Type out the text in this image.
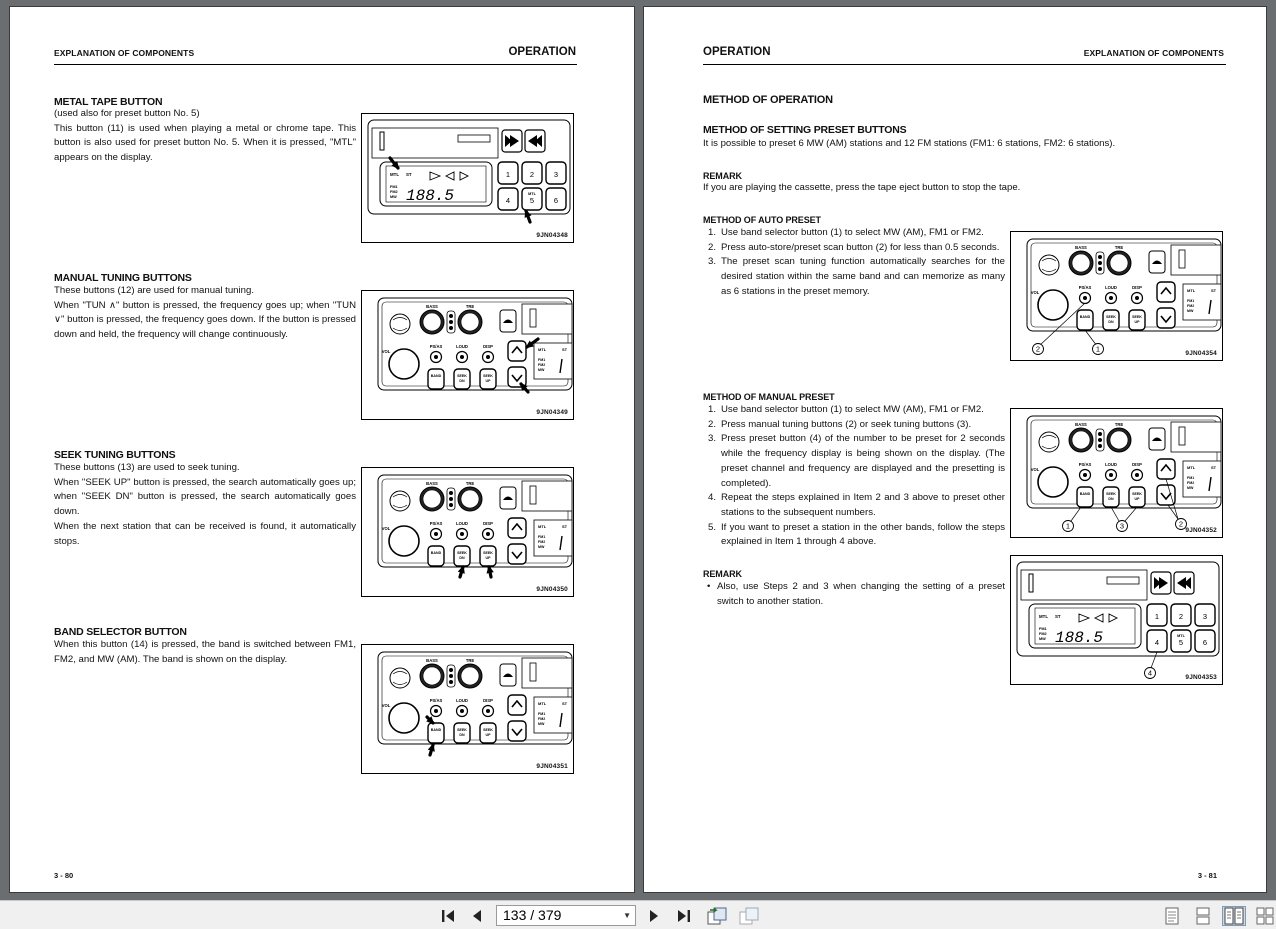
EXPLANATION OF COMPONENTS	OPERATION
METAL TAPE BUTTON

(used also for preset button No. 5)

This button (11) is used when playing a metal or chrome tape. This button is also used for preset button No. 5. When it is pressed, "MTL" appears on the display.

9JN04348
MTL ST
FM1
FM2
MW 188.5
1	2	3
4
MTL
5	6
MANUAL TUNING BUTTONS

These buttons (12) are used for manual tuning.

When "TUN ∧" button is pressed, the frequency goes up; when "TUN ∨" button is pressed, the frequency goes down. If the button is pressed down and held, the frequency will change continuously.

9JN04349
BASS	TRE
VOL
PS/AS	LOUD	DISP
BAND	SEEK
DN
SEEK
UP
MTL	ST
FM1
FM2
MW
SEEK TUNING BUTTONS

These buttons (13) are used to seek tuning.

When "SEEK UP" button is pressed, the search automatically goes up; when "SEEK DN" button is pressed, the search automatically goes down.

When the next station that can be received is found, it automatically stops.

9JN04350
BASS	TRE
VOL
PS/AS	LOUD	DISP
BAND	SEEK
DN
SEEK
UP
MTL	ST
FM1
FM2
MW
BAND SELECTOR BUTTON

When this button (14) is pressed, the band is switched between FM1, FM2, and MW (AM). The band is shown on the display.

9JN04351
BASS	TRE
VOL
PS/AS	LOUD	DISP
BAND	SEEK
DN
SEEK
UP
MTL	ST
FM1
FM2
MW
3 - 80
OPERATION	EXPLANATION OF COMPONENTS
METHOD OF OPERATION
METHOD OF SETTING PRESET BUTTONS
It is possible to preset 6 MW (AM) stations and 12 FM stations (FM1: 6 stations, FM2: 6 stations).
REMARK
If you are playing the cassette, press the tape eject button to stop the tape.
METHOD OF AUTO PRESET
1. Use band selector button (1) to select MW (AM), FM1 or FM2.
2. Press auto-store/preset scan button (2) for less than 0.5 seconds.
3. The preset scan tuning function automatically searches for the desired station within the same band and can memorize as many as 6 stations in the preset memory.
9JN04354
BASS	TRE
VOL
PS/AS	LOUD	DISP
BAND	SEEK
DN
SEEK
UP
MTL	ST
FM1
FM2
MW
2	1
METHOD OF MANUAL PRESET
1. Use band selector button (1) to select MW (AM), FM1 or FM2.
2. Press manual tuning buttons (2) or seek tuning buttons (3).
3. Press preset button (4) of the number to be preset for 2 seconds while the frequency display is being shown on the display. (The preset channel and frequency are displayed and the presetting is completed).
4. Repeat the steps explained in Item 2 and 3 above to preset other stations to the subsequent numbers.
5. If you want to preset a station in the other bands, follow the steps explained in Item 1 through 4 above.
9JN04352
BASS	TRE
VOL
PS/AS	LOUD	DISP
BAND	SEEK
DN
SEEK
UP
MTL	ST
FM1
FM2
MW
1	3	2
REMARK
• Also, use Steps 2 and 3 when changing the setting of a preset switch to another station.
9JN04353
MTL ST
FM1
FM2
MW 188.5
1	2	3
4
MTL
5	6
4
3 - 81
133 / 379	▼
